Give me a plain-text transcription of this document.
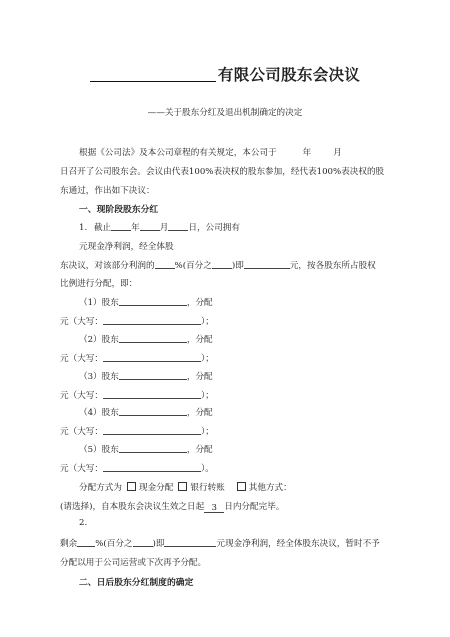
有限公司股东会决议
——关于股东分红及退出机制确定的决定
根据《公司法》及本公司章程的有关规定，本公司于	年	月
日召开了公司股东会。会议由代表100%表决权的股东参加，经代表100%表决权的股
东通过，作出如下决议：
一、现阶段股东分红
1. 截止 年 月 日，公司拥有
元现金净利润，经全体股
东决议，对该部分利润的 %(百分之 )即	元，按各股东所占股权
比例进行分配，即：
（1）股东	，分配
元（大写：	）；
（2）股东	，分配
元（大写：	）；
（3）股东	，分配
元（大写：	）；
（4）股东	，分配
元（大写：	）；
（5）股东	，分配
元（大写：	）。
分配方式为 现金分配 银行转账	其他方式：
(请选择)，自本股东会决议生效之日起 3 日内分配完毕。
2.
剩余 %(百分之 )即	元现金净利润，经全体股东决议，暂时不予
分配以用于公司运营或下次再予分配。
二、日后股东分红制度的确定
